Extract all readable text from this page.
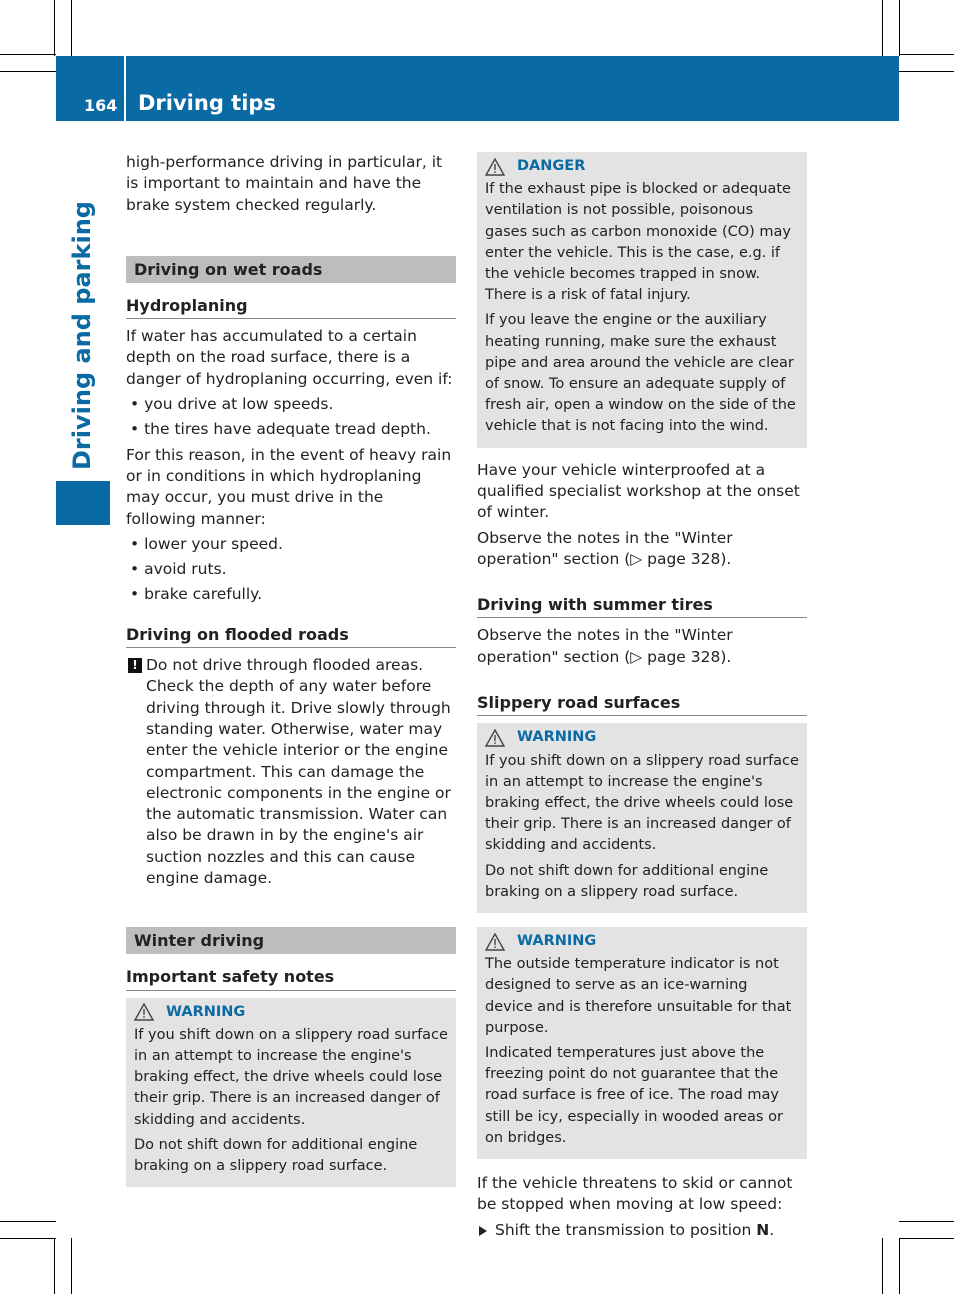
164 Driving tips
Driving and parking

high-performance driving in particular, it is important to maintain and have the brake system checked regularly.

Driving on wet roads
Hydroplaning

If water has accumulated to a certain depth on the road surface, there is a danger of hydroplaning occurring, even if:

• you drive at low speeds.

• the tires have adequate tread depth.

For this reason, in the event of heavy rain or in conditions in which hydroplaning may occur, you must drive in the following manner:

• lower your speed.

• avoid ruts.

• brake carefully.

Driving on flooded roads
! Do not drive through flooded areas. Check the depth of any water before driving through it. Drive slowly through standing water. Otherwise, water may enter the vehicle interior or the engine compartment. This can damage the electronic components in the engine or the automatic transmission. Water can also be drawn in by the engine's air suction nozzles and this can cause engine damage.
Winter driving
Important safety notes
WARNING

If you shift down on a slippery road surface in an attempt to increase the engine's braking effect, the drive wheels could lose their grip. There is an increased danger of skidding and accidents.

Do not shift down for additional engine braking on a slippery road surface.

DANGER

If the exhaust pipe is blocked or adequate ventilation is not possible, poisonous gases such as carbon monoxide (CO) may enter the vehicle. This is the case, e.g. if the vehicle becomes trapped in snow. There is a risk of fatal injury.

If you leave the engine or the auxiliary heating running, make sure the exhaust pipe and area around the vehicle are clear of snow. To ensure an adequate supply of fresh air, open a window on the side of the vehicle that is not facing into the wind.

Have your vehicle winterproofed at a qualified specialist workshop at the onset of winter.

Observe the notes in the "Winter operation" section (▷ page 328).

Driving with summer tires

Observe the notes in the "Winter operation" section (▷ page 328).

Slippery road surfaces
WARNING

If you shift down on a slippery road surface in an attempt to increase the engine's braking effect, the drive wheels could lose their grip. There is an increased danger of skidding and accidents.

Do not shift down for additional engine braking on a slippery road surface.

WARNING

The outside temperature indicator is not designed to serve as an ice-warning device and is therefore unsuitable for that purpose.

Indicated temperatures just above the freezing point do not guarantee that the road surface is free of ice. The road may still be icy, especially in wooded areas or on bridges.

If the vehicle threatens to skid or cannot be stopped when moving at low speed:

Shift the transmission to position N.
